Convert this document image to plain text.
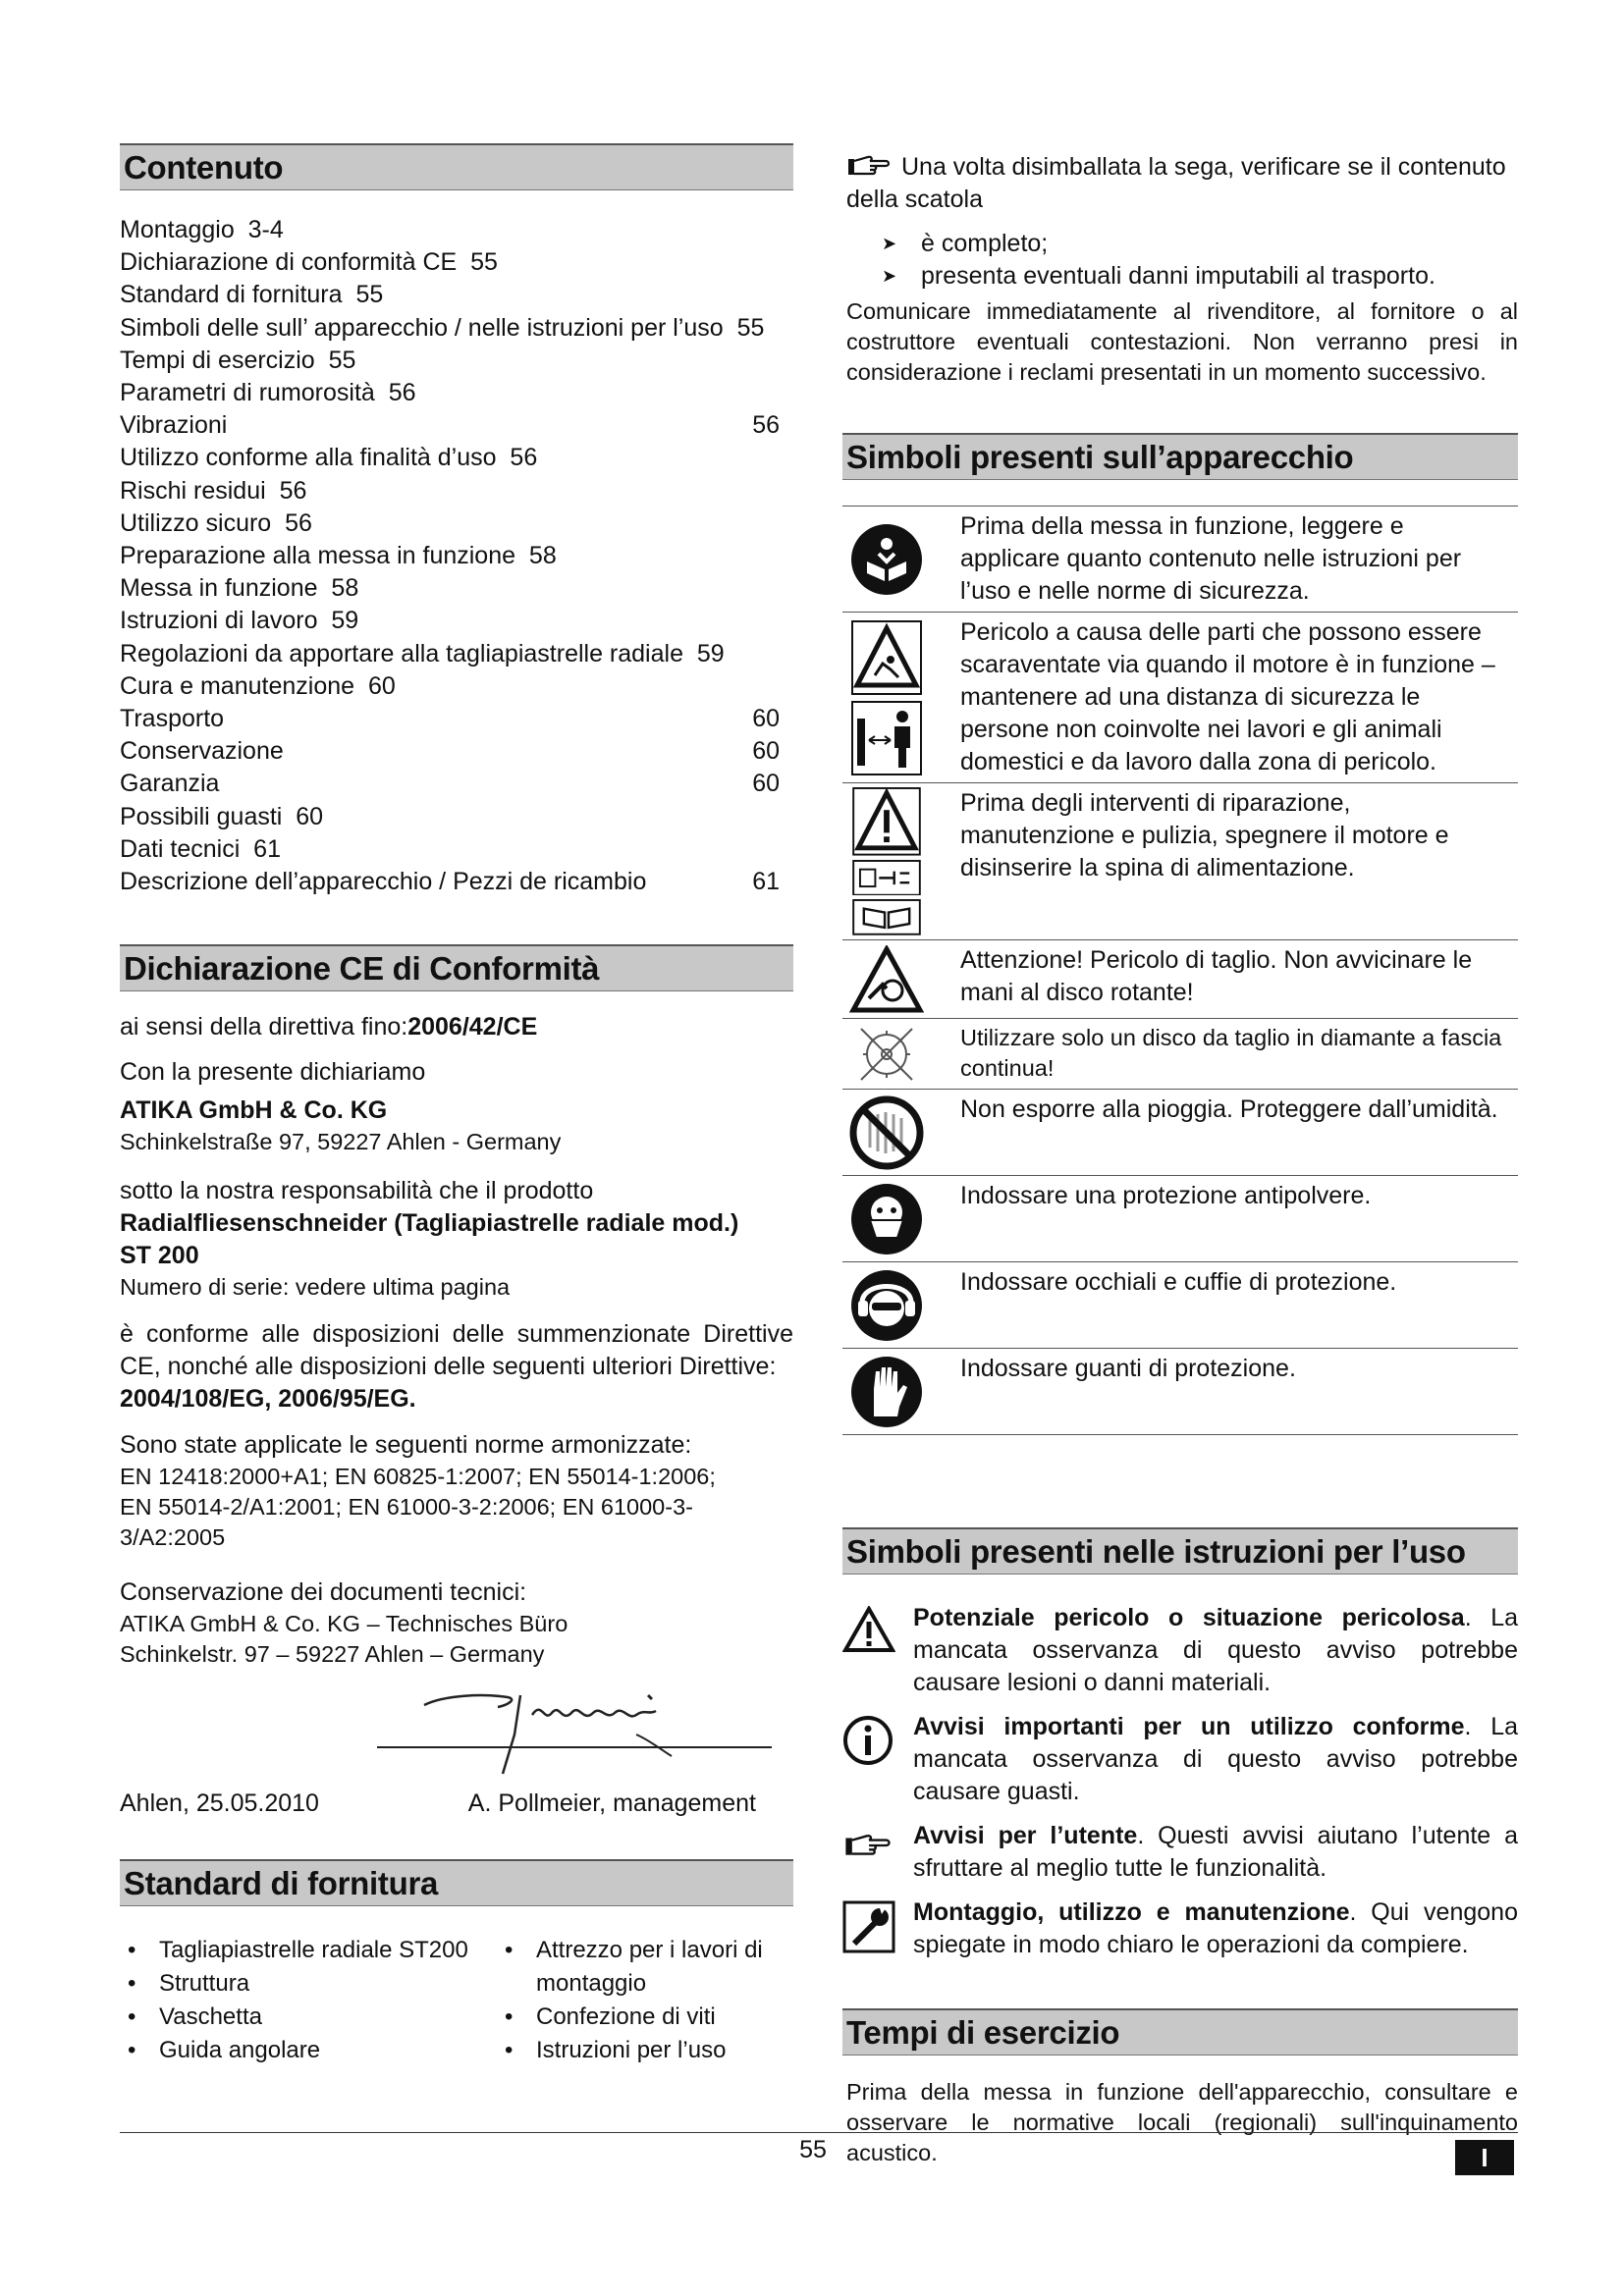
Contenuto
Montaggio 3-4
Dichiarazione di conformità CE 55
Standard di fornitura 55
Simboli delle sull’ apparecchio / nelle istruzioni per l’uso 55
Tempi di esercizio 55
Parametri di rumorosità 56
Vibrazioni	56
Utilizzo conforme alla finalità d’uso 56
Rischi residui 56
Utilizzo sicuro 56
Preparazione alla messa in funzione 58
Messa in funzione 58
Istruzioni di lavoro 59
Regolazioni da apportare alla tagliapiastrelle radiale 59
Cura e manutenzione 60
Trasporto	60
Conservazione	60
Garanzia	60
Possibili guasti 60
Dati tecnici 61
Descrizione dell’apparecchio / Pezzi de ricambio	61
Dichiarazione CE di Conformità
ai sensi della direttiva fino:2006/42/CE
Con la presente dichiariamo
ATIKA GmbH & Co. KG
Schinkelstraße 97, 59227 Ahlen - Germany
sotto la nostra responsabilità che il prodotto
Radialfliesenschneider (Tagliapiastrelle radiale mod.)
ST 200
Numero di serie: vedere ultima pagina
è conforme alle disposizioni delle summenzionate Direttive CE, nonché alle disposizioni delle seguenti ulteriori Direttive:
2004/108/EG, 2006/95/EG.
Sono state applicate le seguenti norme armonizzate:
EN 12418:2000+A1; EN 60825-1:2007; EN 55014-1:2006;
EN 55014-2/A1:2001; EN 61000-3-2:2006; EN 61000-3-3/A2:2005
Conservazione dei documenti tecnici:
ATIKA GmbH & Co. KG – Technisches Büro
Schinkelstr. 97 – 59227 Ahlen – Germany
Ahlen, 25.05.2010	A. Pollmeier, management
Standard di fornitura
• Tagliapiastrelle radiale ST200
• Struttura
• Vaschetta
• Guida angolare
• Attrezzo per i lavori di montaggio
• Confezione di viti
• Istruzioni per l’uso
Una volta disimballata la sega, verificare se il contenuto della scatola
➤ è completo;
➤ presenta eventuali danni imputabili al trasporto.
Comunicare immediatamente al rivenditore, al fornitore o al costruttore eventuali contestazioni. Non verranno presi in considerazione i reclami presentati in un momento successivo.
Simboli presenti sull’apparecchio
Prima della messa in funzione, leggere e applicare quanto contenuto nelle istruzioni per l’uso e nelle norme di sicurezza.
Pericolo a causa delle parti che possono essere scaraventate via quando il motore è in funzione – mantenere ad una distanza di sicurezza le persone non coinvolte nei lavori e gli animali domestici e da lavoro dalla zona di pericolo.
Prima degli interventi di riparazione, manutenzione e pulizia, spegnere il motore e disinserire la spina di alimentazione.
Attenzione! Pericolo di taglio. Non avvicinare le mani al disco rotante!
Utilizzare solo un disco da taglio in diamante a fascia continua!
Non esporre alla pioggia. Proteggere dall’umidità.
Indossare una protezione antipolvere.
Indossare occhiali e cuffie di protezione.
Indossare guanti di protezione.
Simboli presenti nelle istruzioni per l’uso
Potenziale pericolo o situazione pericolosa. La mancata osservanza di questo avviso potrebbe causare lesioni o danni materiali.
Avvisi importanti per un utilizzo conforme. La mancata osservanza di questo avviso potrebbe causare guasti.
Avvisi per l’utente. Questi avvisi aiutano l’utente a sfruttare al meglio tutte le funzionalità.
Montaggio, utilizzo e manutenzione. Qui vengono spiegate in modo chiaro le operazioni da compiere.
Tempi di esercizio
Prima della messa in funzione dell'apparecchio, consultare e osservare le normative locali (regionali) sull'inquinamento acustico.
55	I
